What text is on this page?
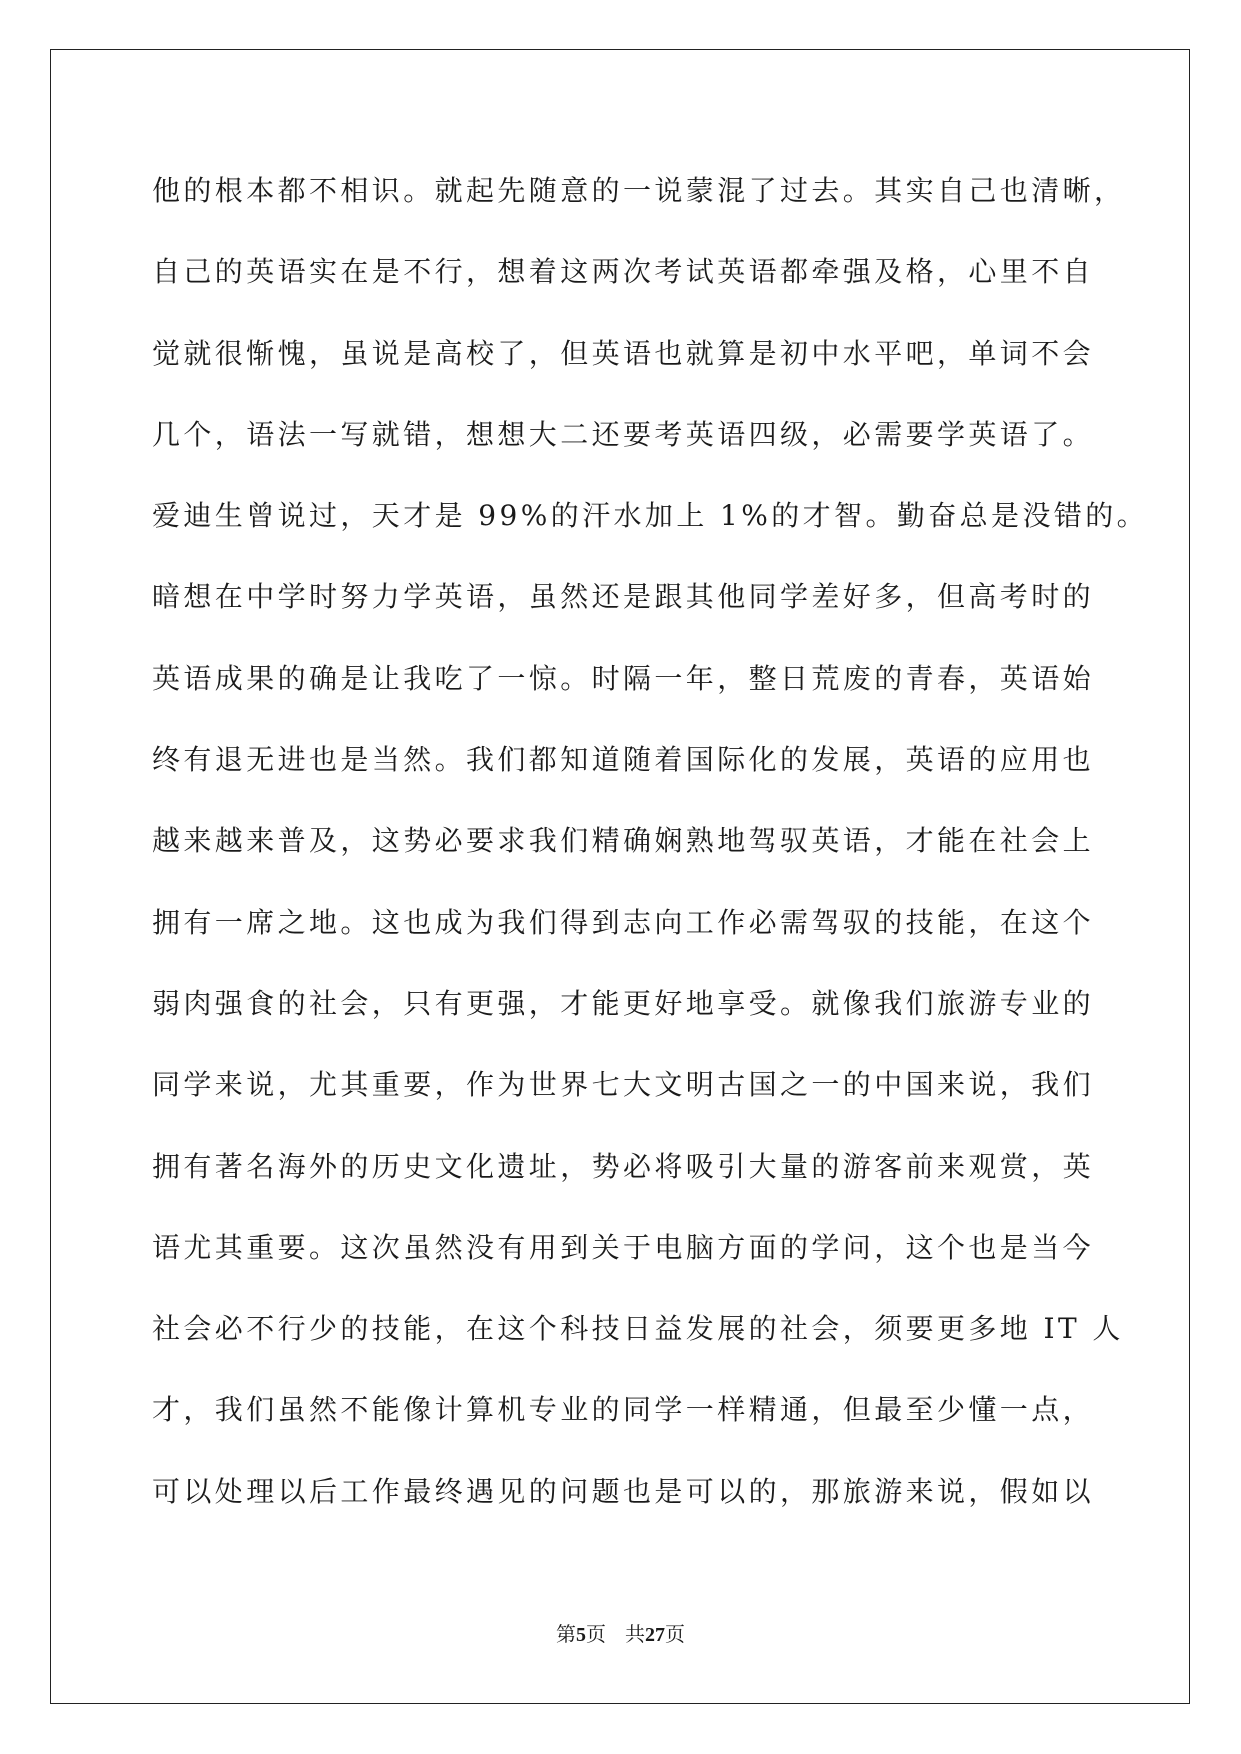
他的根本都不相识。就起先随意的一说蒙混了过去。其实自己也清晰，
自己的英语实在是不行，想着这两次考试英语都牵强及格，心里不自
觉就很惭愧，虽说是高校了，但英语也就算是初中水平吧，单词不会
几个，语法一写就错，想想大二还要考英语四级，必需要学英语了。
爱迪生曾说过，天才是 99%的汗水加上 1%的才智。勤奋总是没错的。
暗想在中学时努力学英语，虽然还是跟其他同学差好多，但高考时的
英语成果的确是让我吃了一惊。时隔一年，整日荒废的青春，英语始
终有退无进也是当然。我们都知道随着国际化的发展，英语的应用也
越来越来普及，这势必要求我们精确娴熟地驾驭英语，才能在社会上
拥有一席之地。这也成为我们得到志向工作必需驾驭的技能，在这个
弱肉强食的社会，只有更强，才能更好地享受。就像我们旅游专业的
同学来说，尤其重要，作为世界七大文明古国之一的中国来说，我们
拥有著名海外的历史文化遗址，势必将吸引大量的游客前来观赏，英
语尤其重要。这次虽然没有用到关于电脑方面的学问，这个也是当今
社会必不行少的技能，在这个科技日益发展的社会，须要更多地 IT 人
才，我们虽然不能像计算机专业的同学一样精通，但最至少懂一点，
可以处理以后工作最终遇见的问题也是可以的，那旅游来说，假如以
第5页 共27页
